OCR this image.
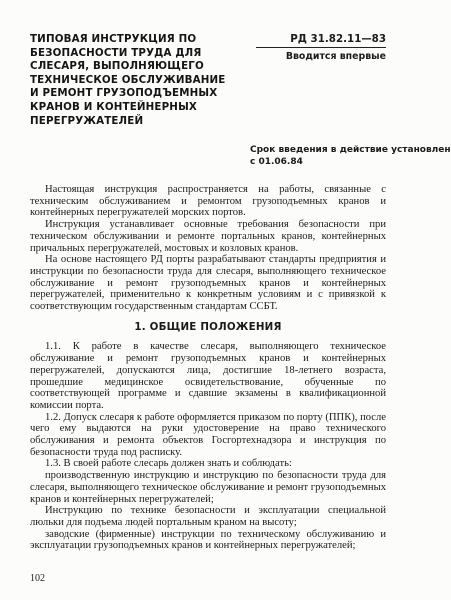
ТИПОВАЯ ИНСТРУКЦИЯ ПО
БЕЗОПАСНОСТИ ТРУДА ДЛЯ
СЛЕСАРЯ, ВЫПОЛНЯЮЩЕГО
ТЕХНИЧЕСКОЕ ОБСЛУЖИВАНИЕ
И РЕМОНТ ГРУЗОПОДЪЕМНЫХ
КРАНОВ И КОНТЕЙНЕРНЫХ
ПЕРЕГРУЖАТЕЛЕЙ
РД 31.82.11—83
Вводится впервые
Срок введения в действие установлен
с 01.06.84

Настоящая инструкция распространяется на работы, связанные с техническим обслуживанием и ремонтом грузоподъемных кранов и контейнерных перегружателей морских портов.

Инструкция устанавливает основные требования безопасности при техническом обслуживании и ремонте портальных кранов, контейнерных причальных перегружателей, мостовых и козловых кранов.

На основе настоящего РД порты разрабатывают стандарты предприятия и инструкции по безопасности труда для слесаря, выполняющего техническое обслуживание и ремонт грузоподъемных кранов и контейнерных перегружателей, применительно к конкретным условиям и с привязкой к соответствующим государственным стандартам ССБТ.

1. ОБЩИЕ ПОЛОЖЕНИЯ

1.1. К работе в качестве слесаря, выполняющего техническое обслуживание и ремонт грузоподъемных кранов и контейнерных перегружателей, допускаются лица, достигшие 18-летнего возраста, прошедшие медицинское освидетельствование, обученные по соответствующей программе и сдавшие экзамены в квалификационной комиссии порта.

1.2. Допуск слесаря к работе оформляется приказом по порту (ППК), после чего ему выдаются на руки удостоверение на право технического обслуживания и ремонта объектов Госгортехнадзора и инструкция по безопасности труда под расписку.

1.3. В своей работе слесарь должен знать и соблюдать:

производственную инструкцию и инструкцию по безопасности труда для слесаря, выполняющего техническое обслуживание и ремонт грузоподъемных кранов и контейнерных перегружателей;

Инструкцию по технике безопасности и эксплуатации специальной люльки для подъема людей портальным краном на высоту;

заводские (фирменные) инструкции по техническому обслуживанию и эксплуатации грузоподъемных кранов и контейнерных перегружателей;

102
